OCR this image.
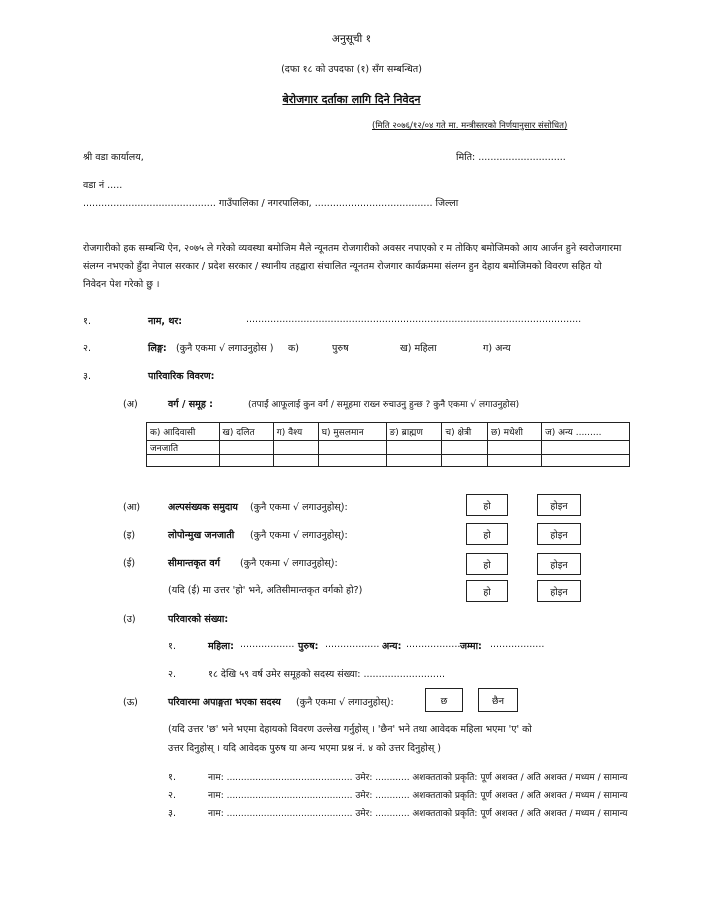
अनुसूची १
(दफा १८ को उपदफा (१) सँग सम्बन्धित)
बेरोजगार दर्ताका लागि दिने निवेदन
(मिति २०७६/१२/०४ गते मा. मन्त्रीस्तरको निर्णयानुसार संसोधित)
श्री वडा कार्यालय,	मिति: .............................
वडा नं .....
............................................ गाउँपालिका / नगरपालिका, ....................................... जिल्ला
रोजगारीको हक सम्बन्धि ऐन, २०७५ ले गरेको व्यवस्था बमोजिम मैले न्यूनतम रोजगारीको अवसर नपाएको र म तोकिए बमोजिमको आय आर्जन हुने स्वरोजगारमा संलग्न नभएको हुँदा नेपाल सरकार / प्रदेश सरकार / स्थानीय तहद्वारा संचालित न्यूनतम रोजगार कार्यक्रममा संलग्न हुन देहाय बमोजिमको विवरण सहित यो निवेदन पेश गरेको छु ।
१.	नाम, थर:	...............................................................................................................
२.	लिङ्ग: (कुनै एकमा √ लगाउनुहोस ) क)	पुरुष	ख) महिला	ग) अन्य
३.	पारिवारिक विवरण:
(अ)	वर्ग / समूह :	(तपाईं आफूलाई कुन वर्ग / समूहमा राख्न रुचाउनु हुन्छ ? कुनै एकमा √ लगाउनुहोस)
क) आदिवासी	ख) दलित	ग) वैश्य	घ) मुसलमान	ङ) ब्राह्मण	च) क्षेत्री	छ) मधेशी	ज) अन्य .........
जनजाति							

(आ)	अल्पसंख्यक समुदाय (कुनै एकमा √ लगाउनुहोस्):	हो	होइन
(इ)	लोपोन्मुख जनजाती (कुनै एकमा √ लगाउनुहोस्):	हो	होइन
(ई)	सीमान्तकृत वर्ग (कुनै एकमा √ लगाउनुहोस्):	हो	होइन
(यदि (ई) मा उत्तर 'हो' भने, अतिसीमान्तकृत वर्गको हो?)	हो	होइन
(उ)	परिवारको संख्या:
१.	महिला: .................. पुरुष: .................. अन्य: .................. जम्मा: ..................
२.	१८ देखि ५९ वर्ष उमेर समूहको सदस्य संख्या: ...........................
(ऊ)	परिवारमा अपाङ्गता भएका सदस्य (कुनै एकमा √ लगाउनुहोस्):	छ	छैन
(यदि उत्तर 'छ' भने भएमा देहायको विवरण उल्लेख गर्नुहोस् । 'छैन' भने तथा आवेदक महिला भएमा 'ए' को
उत्तर दिनुहोस् । यदि आवेदक पुरुष या अन्य भएमा प्रश्न नं. ४ को उत्तर दिनुहोस् )
१.	नाम: ............................................ उमेर: ............ अशक्तताको प्रकृति: पूर्ण अशक्त / अति अशक्त / मध्यम / सामान्य
२.	नाम: ............................................ उमेर: ............ अशक्तताको प्रकृति: पूर्ण अशक्त / अति अशक्त / मध्यम / सामान्य
३.	नाम: ............................................ उमेर: ............ अशक्तताको प्रकृति: पूर्ण अशक्त / अति अशक्त / मध्यम / सामान्य
